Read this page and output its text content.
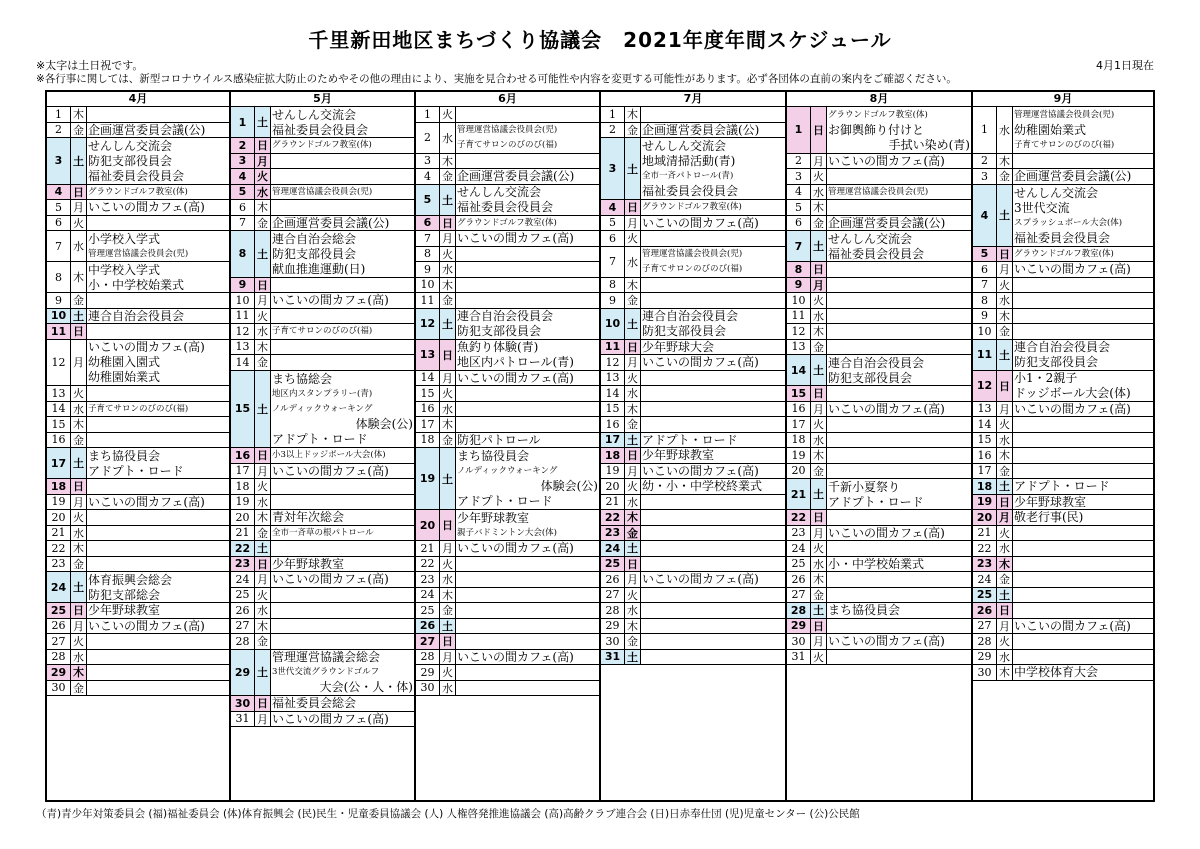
千里新田地区まちづくり協議会　2021年度年間スケジュール
※太字は土日祝です。	4月1日現在
※各行事に関しては、新型コロナウイルス感染症拡大防止のためやその他の理由により、実施を見合わせる可能性や内容を変更する可能性があります。必ず各団体の直前の案内をご確認ください。
4月
1	木
2	金 企画運営委員会議(公)
3 土
せんしん交流会
防犯支部役員会
福祉委員会役員会
4 日 グラウンドゴルフ教室(体)
5	月 いこいの間カフェ(高)
6	火
7	水
小学校入学式
管理運営協議会役員会(児)
8	木
中学校入学式
小・中学校始業式
9	金
10 土 連合自治会役員会
11 日
12 月
いこいの間カフェ(高)
幼稚園入園式
幼稚園始業式
13 火
14 水 子育てサロンのびのび(福)
15 木
16 金
17 土
まち協役員会
アドプト・ロード
18 日
19 月 いこいの間カフェ(高)
20 火
21 水
22 木
23 金
24 土
体育振興会総会
防犯支部総会
25 日 少年野球教室
26 月 いこいの間カフェ(高)
27 火
28 水
29 木
30 金
5月
1 土
せんしん交流会
福祉委員会役員会
2 日 グラウンドゴルフ教室(体)
3 月
4 火
5 水 管理運営協議会役員会(児)
6	木
7	金 企画運営委員会議(公)
8 土
連合自治会総会
防犯支部役員会
献血推進運動(日)
9 日
10 月 いこいの間カフェ(高)
11 火
12 水 子育てサロンのびのび(福)
13 木
14 金
15 土
まち協総会
地区内スタンプラリー(青)
ノルディックウォーキング
体験会(公)
アドプト・ロード
16 日 小3以上ドッジボール大会(体)
17 月 いこいの間カフェ(高)
18 火
19 水
20 木 青対年次総会
21 金 全市一斉草の根パトロール
22 土
23 日 少年野球教室
24 月 いこいの間カフェ(高)
25 火
26 水
27 木
28 金
29 土
管理運営協議会総会
3世代交流グラウンドゴルフ
大会(公・人・体)
30 日 福祉委員会総会
31 月 いこいの間カフェ(高)
6月
1	火
2	水
管理運営協議会役員会(児)
子育てサロンのびのび(福)
3	木
4	金 企画運営委員会議(公)
5 土
せんしん交流会
福祉委員会役員会
6 日 グラウンドゴルフ教室(体)
7	月 いこいの間カフェ(高)
8	火
9	水
10 木
11 金
12 土
連合自治会役員会
防犯支部役員会
13 日
魚釣り体験(青)
地区内パトロール(青)
14 月 いこいの間カフェ(高)
15 火
16 水
17 木
18 金 防犯パトロール
19 土
まち協役員会
ノルディックウォーキング
体験会(公)
アドプト・ロード
20 日
少年野球教室
親子バドミントン大会(体)
21 月 いこいの間カフェ(高)
22 火
23 水
24 木
25 金
26 土
27 日
28 月 いこいの間カフェ(高)
29 火
30 水
7月
1	木
2	金 企画運営委員会議(公)
3 土
せんしん交流会
地域清掃活動(青)
全市一斉パトロール(青)
福祉委員会役員会
4 日 グラウンドゴルフ教室(体)
5	月 いこいの間カフェ(高)
6	火
7	水
管理運営協議会役員会(児)
子育てサロンのびのび(福)
8	木
9	金
10 土
連合自治会役員会
防犯支部役員会
11 日 少年野球大会
12 月 いこいの間カフェ(高)
13 火
14 水
15 木
16 金
17 土 アドプト・ロード
18 日 少年野球教室
19 月 いこいの間カフェ(高)
20 火 幼・小・中学校終業式
21 水
22 木
23 金
24 土
25 日
26 月 いこいの間カフェ(高)
27 火
28 水
29 木
30 金
31 土
8月
1 日
グラウンドゴルフ教室(体)
お御輿飾り付けと
手拭い染め(青)
2	月 いこいの間カフェ(高)
3	火
4	水 管理運営協議会役員会(児)
5	木
6	金 企画運営委員会議(公)
7 土
せんしん交流会
福祉委員会役員会
8 日
9 月
10 火
11 水
12 木
13 金
14 土
連合自治会役員会
防犯支部役員会
15 日
16 月 いこいの間カフェ(高)
17 火
18 水
19 木
20 金
21 土
千新小夏祭り
アドプト・ロード
22 日
23 月 いこいの間カフェ(高)
24 火
25 水 小・中学校始業式
26 木
27 金
28 土 まち協役員会
29 日
30 月 いこいの間カフェ(高)
31 火
9月
1	水
管理運営協議会役員会(児)
幼稚園始業式
子育てサロンのびのび(福)
2	木
3	金 企画運営委員会議(公)
4 土
せんしん交流会
3世代交流
スプラッシュボール大会(体)
福祉委員会役員会
5 日 グラウンドゴルフ教室(体)
6	月 いこいの間カフェ(高)
7	火
8	水
9	木
10 金
11 土
連合自治会役員会
防犯支部役員会
12 日
小1・2親子
ドッジボール大会(体)
13 月 いこいの間カフェ(高)
14 火
15 水
16 木
17 金
18 土 アドプト・ロード
19 日 少年野球教室
20 月 敬老行事(民)
21 火
22 水
23 木
24 金
25 土
26 日
27 月 いこいの間カフェ(高)
28 火
29 水
30 木 中学校体育大会
（青)青少年対策委員会 (福)福祉委員会 (体)体育振興会 (民)民生・児童委員協議会 (人) 人権啓発推進協議会 (高)高齢クラブ連合会 (日)日赤奉仕団 (児)児童センター (公)公民館
